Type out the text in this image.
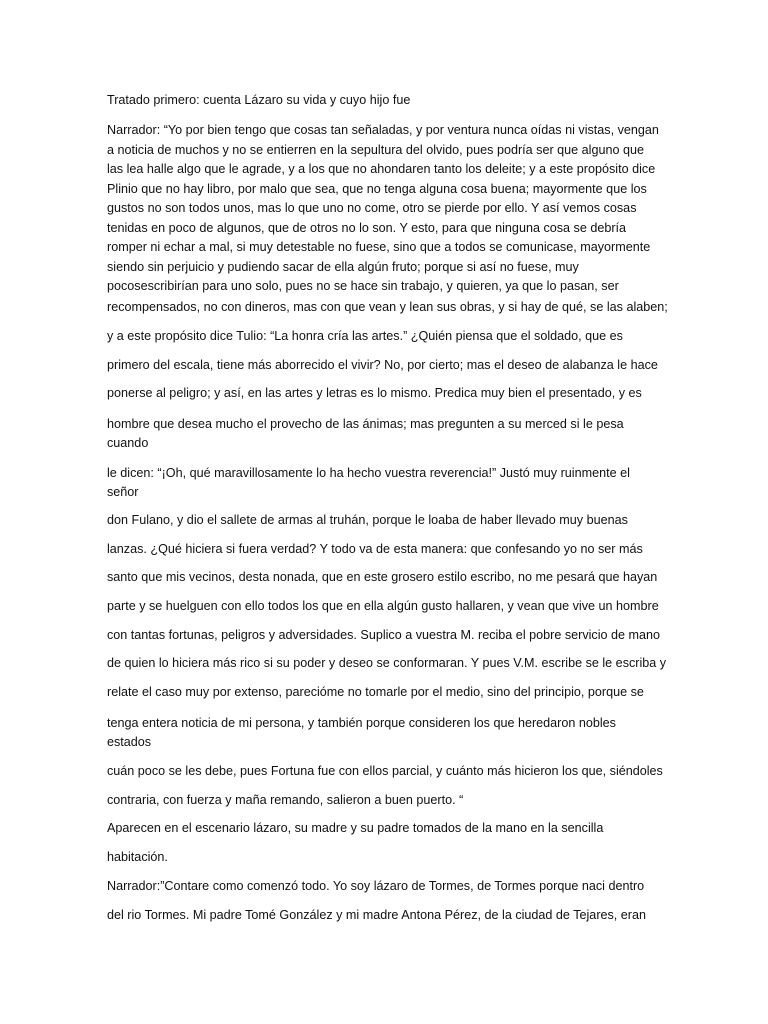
Tratado primero: cuenta Lázaro su vida y cuyo hijo fue
Narrador: “Yo por bien tengo que cosas tan señaladas, y por ventura nunca oídas ni vistas, vengan
a noticia de muchos y no se entierren en la sepultura del olvido, pues podría ser que alguno que
las lea halle algo que le agrade, y a los que no ahondaren tanto los deleite; y a este propósito dice
Plinio que no hay libro, por malo que sea, que no tenga alguna cosa buena; mayormente que los
gustos no son todos unos, mas lo que uno no come, otro se pierde por ello. Y así vemos cosas
tenidas en poco de algunos, que de otros no lo son. Y esto, para que ninguna cosa se debría
romper ni echar a mal, si muy detestable no fuese, sino que a todos se comunicase, mayormente
siendo sin perjuicio y pudiendo sacar de ella algún fruto; porque si así no fuese, muy
pocosescribirían para uno solo, pues no se hace sin trabajo, y quieren, ya que lo pasan, ser
recompensados, no con dineros, mas con que vean y lean sus obras, y si hay de qué, se las alaben;
y a este propósito dice Tulio: “La honra cría las artes.” ¿Quién piensa que el soldado, que es
primero del escala, tiene más aborrecido el vivir? No, por cierto; mas el deseo de alabanza le hace
ponerse al peligro; y así, en las artes y letras es lo mismo. Predica muy bien el presentado, y es
hombre que desea mucho el provecho de las ánimas; mas pregunten a su merced si le pesa cuando
le dicen: “¡Oh, qué maravillosamente lo ha hecho vuestra reverencia!” Justó muy ruinmente el señor
don Fulano, y dio el sallete de armas al truhán, porque le loaba de haber llevado muy buenas
lanzas. ¿Qué hiciera si fuera verdad? Y todo va de esta manera: que confesando yo no ser más
santo que mis vecinos, desta nonada, que en este grosero estilo escribo, no me pesará que hayan
parte y se huelguen con ello todos los que en ella algún gusto hallaren, y vean que vive un hombre
con tantas fortunas, peligros y adversidades. Suplico a vuestra M. reciba el pobre servicio de mano
de quien lo hiciera más rico si su poder y deseo se conformaran. Y pues V.M. escribe se le escriba y
relate el caso muy por extenso, parecióme no tomarle por el medio, sino del principio, porque se
tenga entera noticia de mi persona, y también porque consideren los que heredaron nobles estados
cuán poco se les debe, pues Fortuna fue con ellos parcial, y cuánto más hicieron los que, siéndoles
contraria, con fuerza y maña remando, salieron a buen puerto. “
Aparecen en el escenario lázaro, su madre y su padre tomados de la mano en la sencilla
habitación.
Narrador:”Contare como comenzó todo. Yo soy lázaro de Tormes, de Tormes porque naci dentro
del rio Tormes. Mi padre Tomé González y mi madre Antona Pérez, de la ciudad de Tejares, eran
